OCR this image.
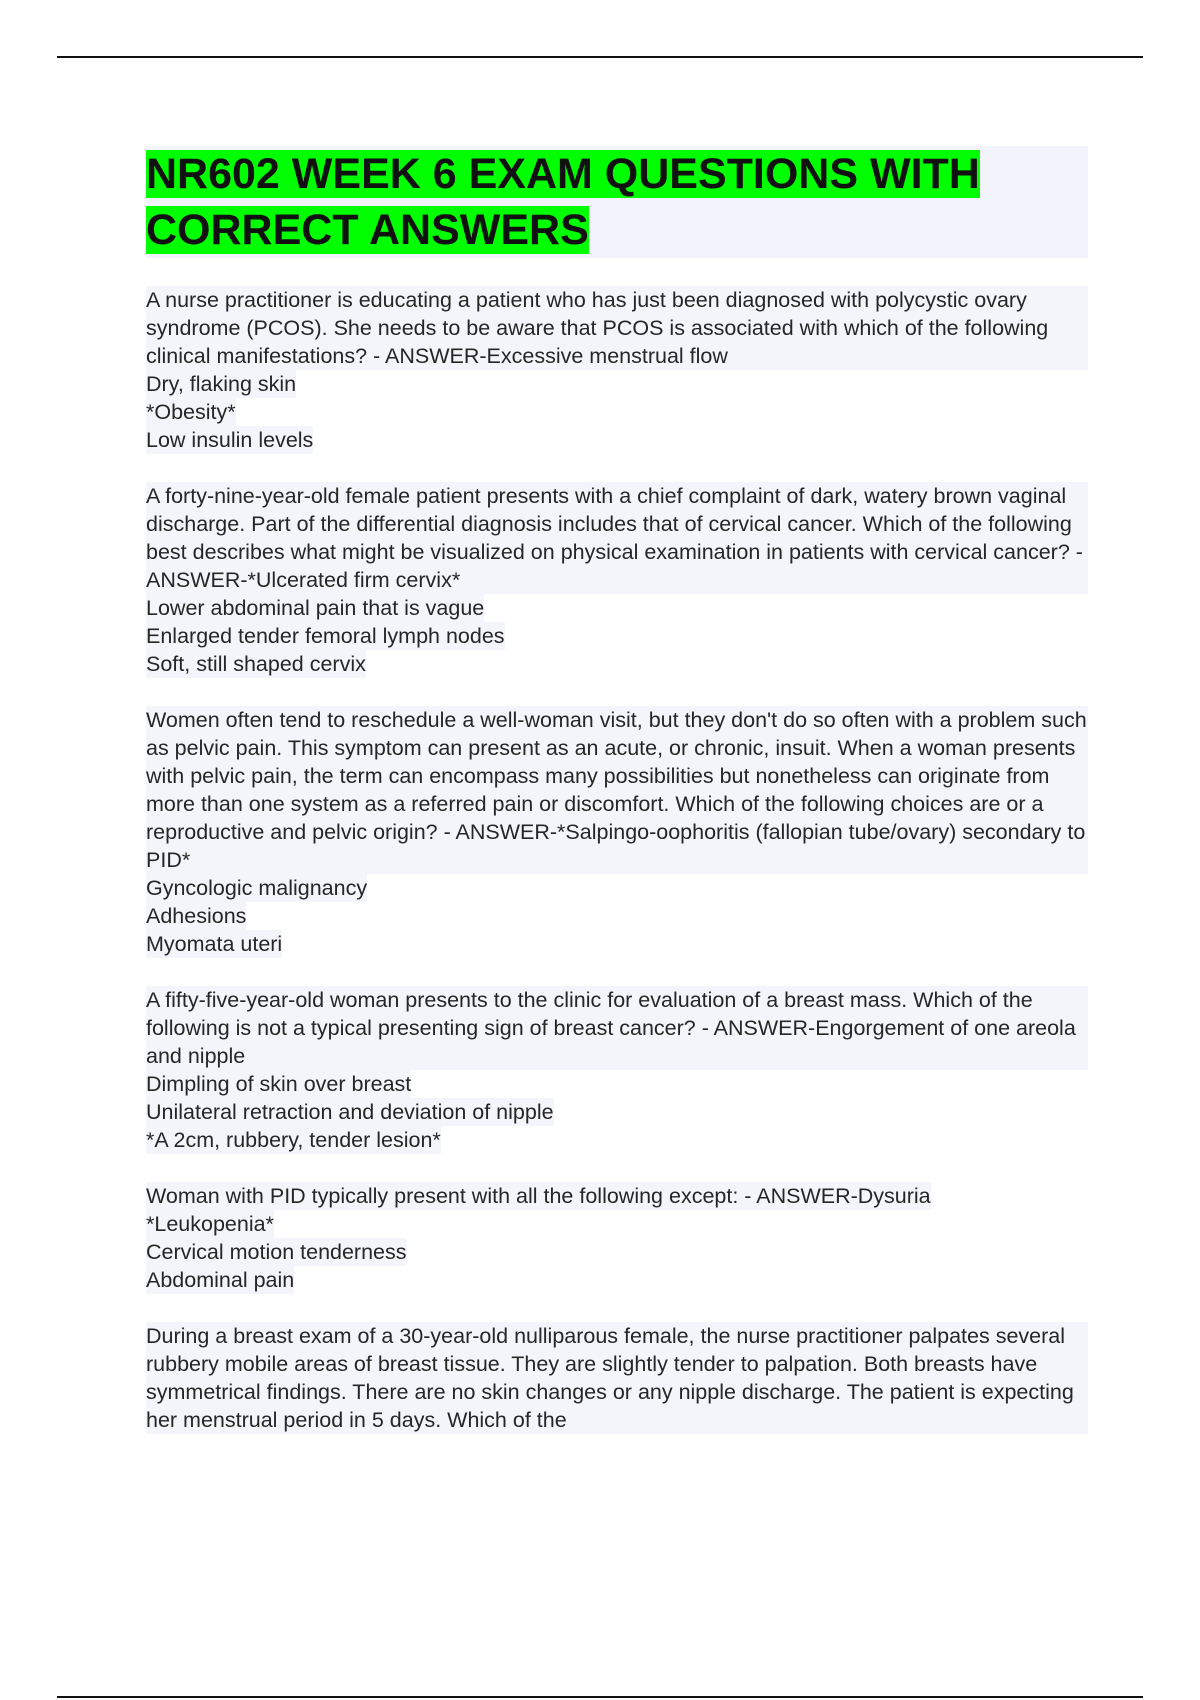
NR602 WEEK 6 EXAM QUESTIONS WITH
CORRECT ANSWERS
A nurse practitioner is educating a patient who has just been diagnosed with polycystic ovary syndrome (PCOS). She needs to be aware that PCOS is associated with which of the following clinical manifestations? - ANSWER-Excessive menstrual flow
Dry, flaking skin
*Obesity*
Low insulin levels
A forty-nine-year-old female patient presents with a chief complaint of dark, watery brown vaginal discharge. Part of the differential diagnosis includes that of cervical cancer. Which of the following best describes what might be visualized on physical examination in patients with cervical cancer? - ANSWER-*Ulcerated firm cervix*
Lower abdominal pain that is vague
Enlarged tender femoral lymph nodes
Soft, still shaped cervix
Women often tend to reschedule a well-woman visit, but they don't do so often with a problem such as pelvic pain. This symptom can present as an acute, or chronic, insuit. When a woman presents with pelvic pain, the term can encompass many possibilities but nonetheless can originate from more than one system as a referred pain or discomfort. Which of the following choices are or a reproductive and pelvic origin? - ANSWER-*Salpingo-oophoritis (fallopian tube/ovary) secondary to PID*
Gyncologic malignancy
Adhesions
Myomata uteri
A fifty-five-year-old woman presents to the clinic for evaluation of a breast mass. Which of the following is not a typical presenting sign of breast cancer? - ANSWER-Engorgement of one areola and nipple
Dimpling of skin over breast
Unilateral retraction and deviation of nipple
*A 2cm, rubbery, tender lesion*
Woman with PID typically present with all the following except: - ANSWER-Dysuria
*Leukopenia*
Cervical motion tenderness
Abdominal pain
During a breast exam of a 30-year-old nulliparous female, the nurse practitioner palpates several rubbery mobile areas of breast tissue. They are slightly tender to palpation. Both breasts have symmetrical findings. There are no skin changes or any nipple discharge. The patient is expecting her menstrual period in 5 days. Which of the
